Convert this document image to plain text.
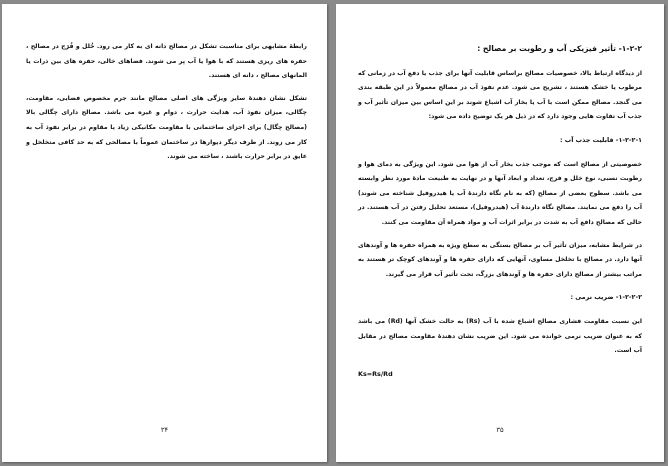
رابطهٔ مشابهی برای مناسبت تشکل در مصالح دانه ای به کار می رود. خُلل و فُرَج در مصالح ، حفره های ریزی هستند که با هوا یا آب پر می شوند. فضاهای خالی، حفره های بین ذرات یا المانهای مصالح ، دانه ای هستند.

تشکل نشان دهندهٔ سایر ویژگی های اصلی مصالح مانند جرم مخصوص فضایی، مقاومت، چگالی، میزان نفوذ آب، هدایت حرارت ، دوام و غیره می باشد. مصالح دارای چگالی بالا (مصالح چگال) برای اجزای ساختمانی با مقاومت مکانیکی زیاد یا مقاوم در برابر نفوذ آب به کار می روند. از طرف دیگر دیوارها در ساختمان عموماً با مصالحی که به حد کافی متخلخل و عایق در برابر حرارت باشند ، ساخته می شوند.

۳۴

۱-۲-۲- تأثیر فیزیکی آب و رطوبت بر مصالح :

از دیدگاه ارتباط بالا، خصوصیات مصالح براساس قابلیت آنها برای جذب یا دفع آب در زمانی که مرطوب یا خشک هستند ، تشریح می شود. عدم نفوذ آب در مصالح معمولاً در این طبقه بندی می گنجد. مصالح ممکن است با آب یا بخار آب اشباع شوند بر این اساس بین میزان تأثیر آب و جذب آب تفاوت هایی وجود دارد که در ذیل هر یک توضیح داده می شود:

۱-۲-۲-۱- قابلیت جذب آب :

خصوصیتی از مصالح است که موجب جذب بخار آب از هوا می شود. این ویژگی به دمای هوا و رطوبت نسبی، نوع خلل و فرج، تعداد و ابعاد آنها و در نهایت به طبیعت مادهٔ مورد نظر وابسته می باشد. سطوح بعضی از مصالح (که به نام نگاه دارندهٔ آب یا هیدروفیل شناخته می شوند) آب را دفع می نمایند. مصالح نگاه دارندهٔ آب (هیدروفیل)، مستعد تحلیل رفتن در آب هستند. در حالی که مصالح دافع آب به شدت در برابر اثرات آب و مواد همراه آن مقاومت می کنند.

در شرایط مشابه، میزان تأثیر آب بر مصالح بستگی به سطح ویژه به همراه حفره ها و آوندهای آنها دارد. در مصالح با تخلخل مساوی، آنهایی که دارای حفره ها و آوندهای کوچک تر هستند به مراتب بیشتر از مصالح دارای حفره ها و آوندهای بزرگ، تحت تأثیر آب قرار می گیرند.

۱-۲-۲-۲- ضریب نرمی :

این نسبت مقاومت فشاری مصالح اشباع شده با آب (Rs) به حالت خشک آنها (Rd) می باشد که به عنوان ضریب نرمی خوانده می شود. این ضریب نشان دهندهٔ مقاومت مصالح در مقابل آب است.

Ks=Rs/Rd

۳۵
